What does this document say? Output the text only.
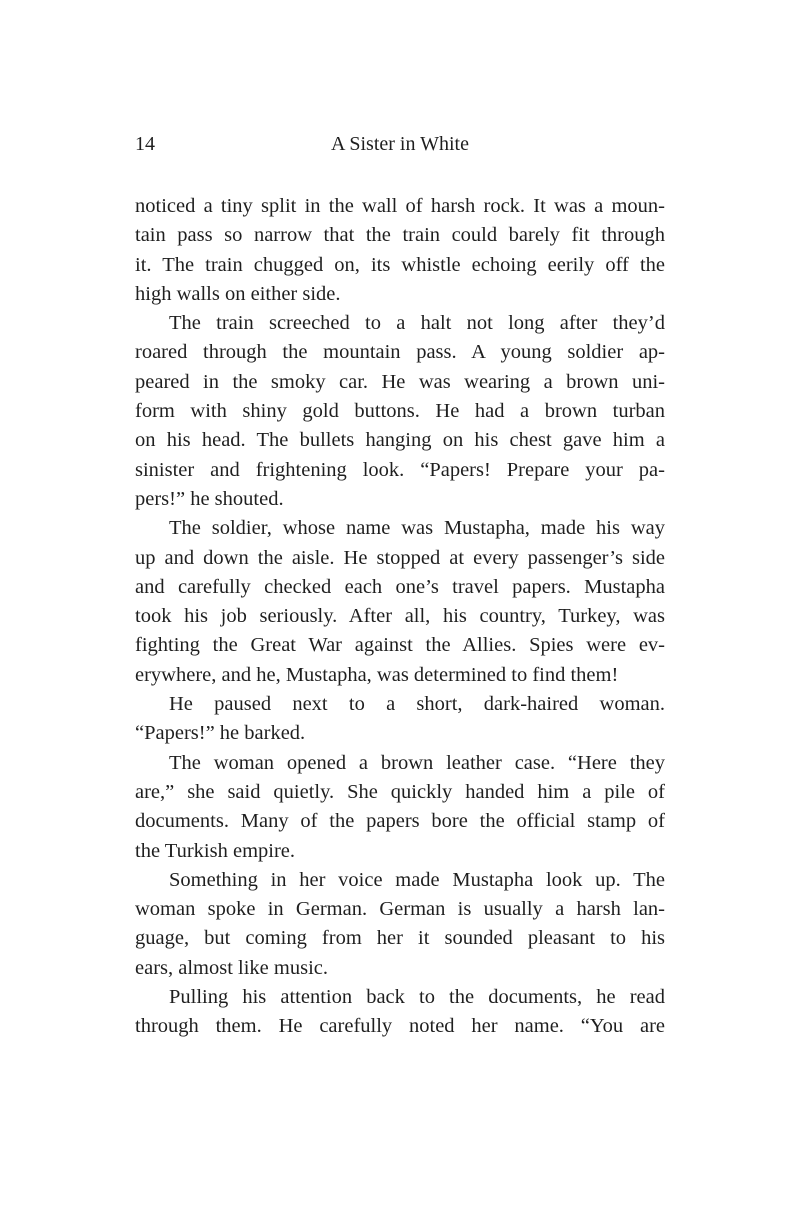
14	A Sister in White
noticed a tiny split in the wall of harsh rock. It was a moun-
tain pass so narrow that the train could barely fit through
it. The train chugged on, its whistle echoing eerily off the
high walls on either side.
The train screeched to a halt not long after they’d
roared through the mountain pass. A young soldier ap-
peared in the smoky car. He was wearing a brown uni-
form with shiny gold buttons. He had a brown turban
on his head. The bullets hanging on his chest gave him a
sinister and frightening look. “Papers! Prepare your pa-
pers!” he shouted.
The soldier, whose name was Mustapha, made his way
up and down the aisle. He stopped at every passenger’s side
and carefully checked each one’s travel papers. Mustapha
took his job seriously. After all, his country, Turkey, was
fighting the Great War against the Allies. Spies were ev-
erywhere, and he, Mustapha, was determined to find them!
He paused next to a short, dark-haired woman.
“Papers!” he barked.
The woman opened a brown leather case. “Here they
are,” she said quietly. She quickly handed him a pile of
documents. Many of the papers bore the official stamp of
the Turkish empire.
Something in her voice made Mustapha look up. The
woman spoke in German. German is usually a harsh lan-
guage, but coming from her it sounded pleasant to his
ears, almost like music.
Pulling his attention back to the documents, he read
through them. He carefully noted her name. “You are
